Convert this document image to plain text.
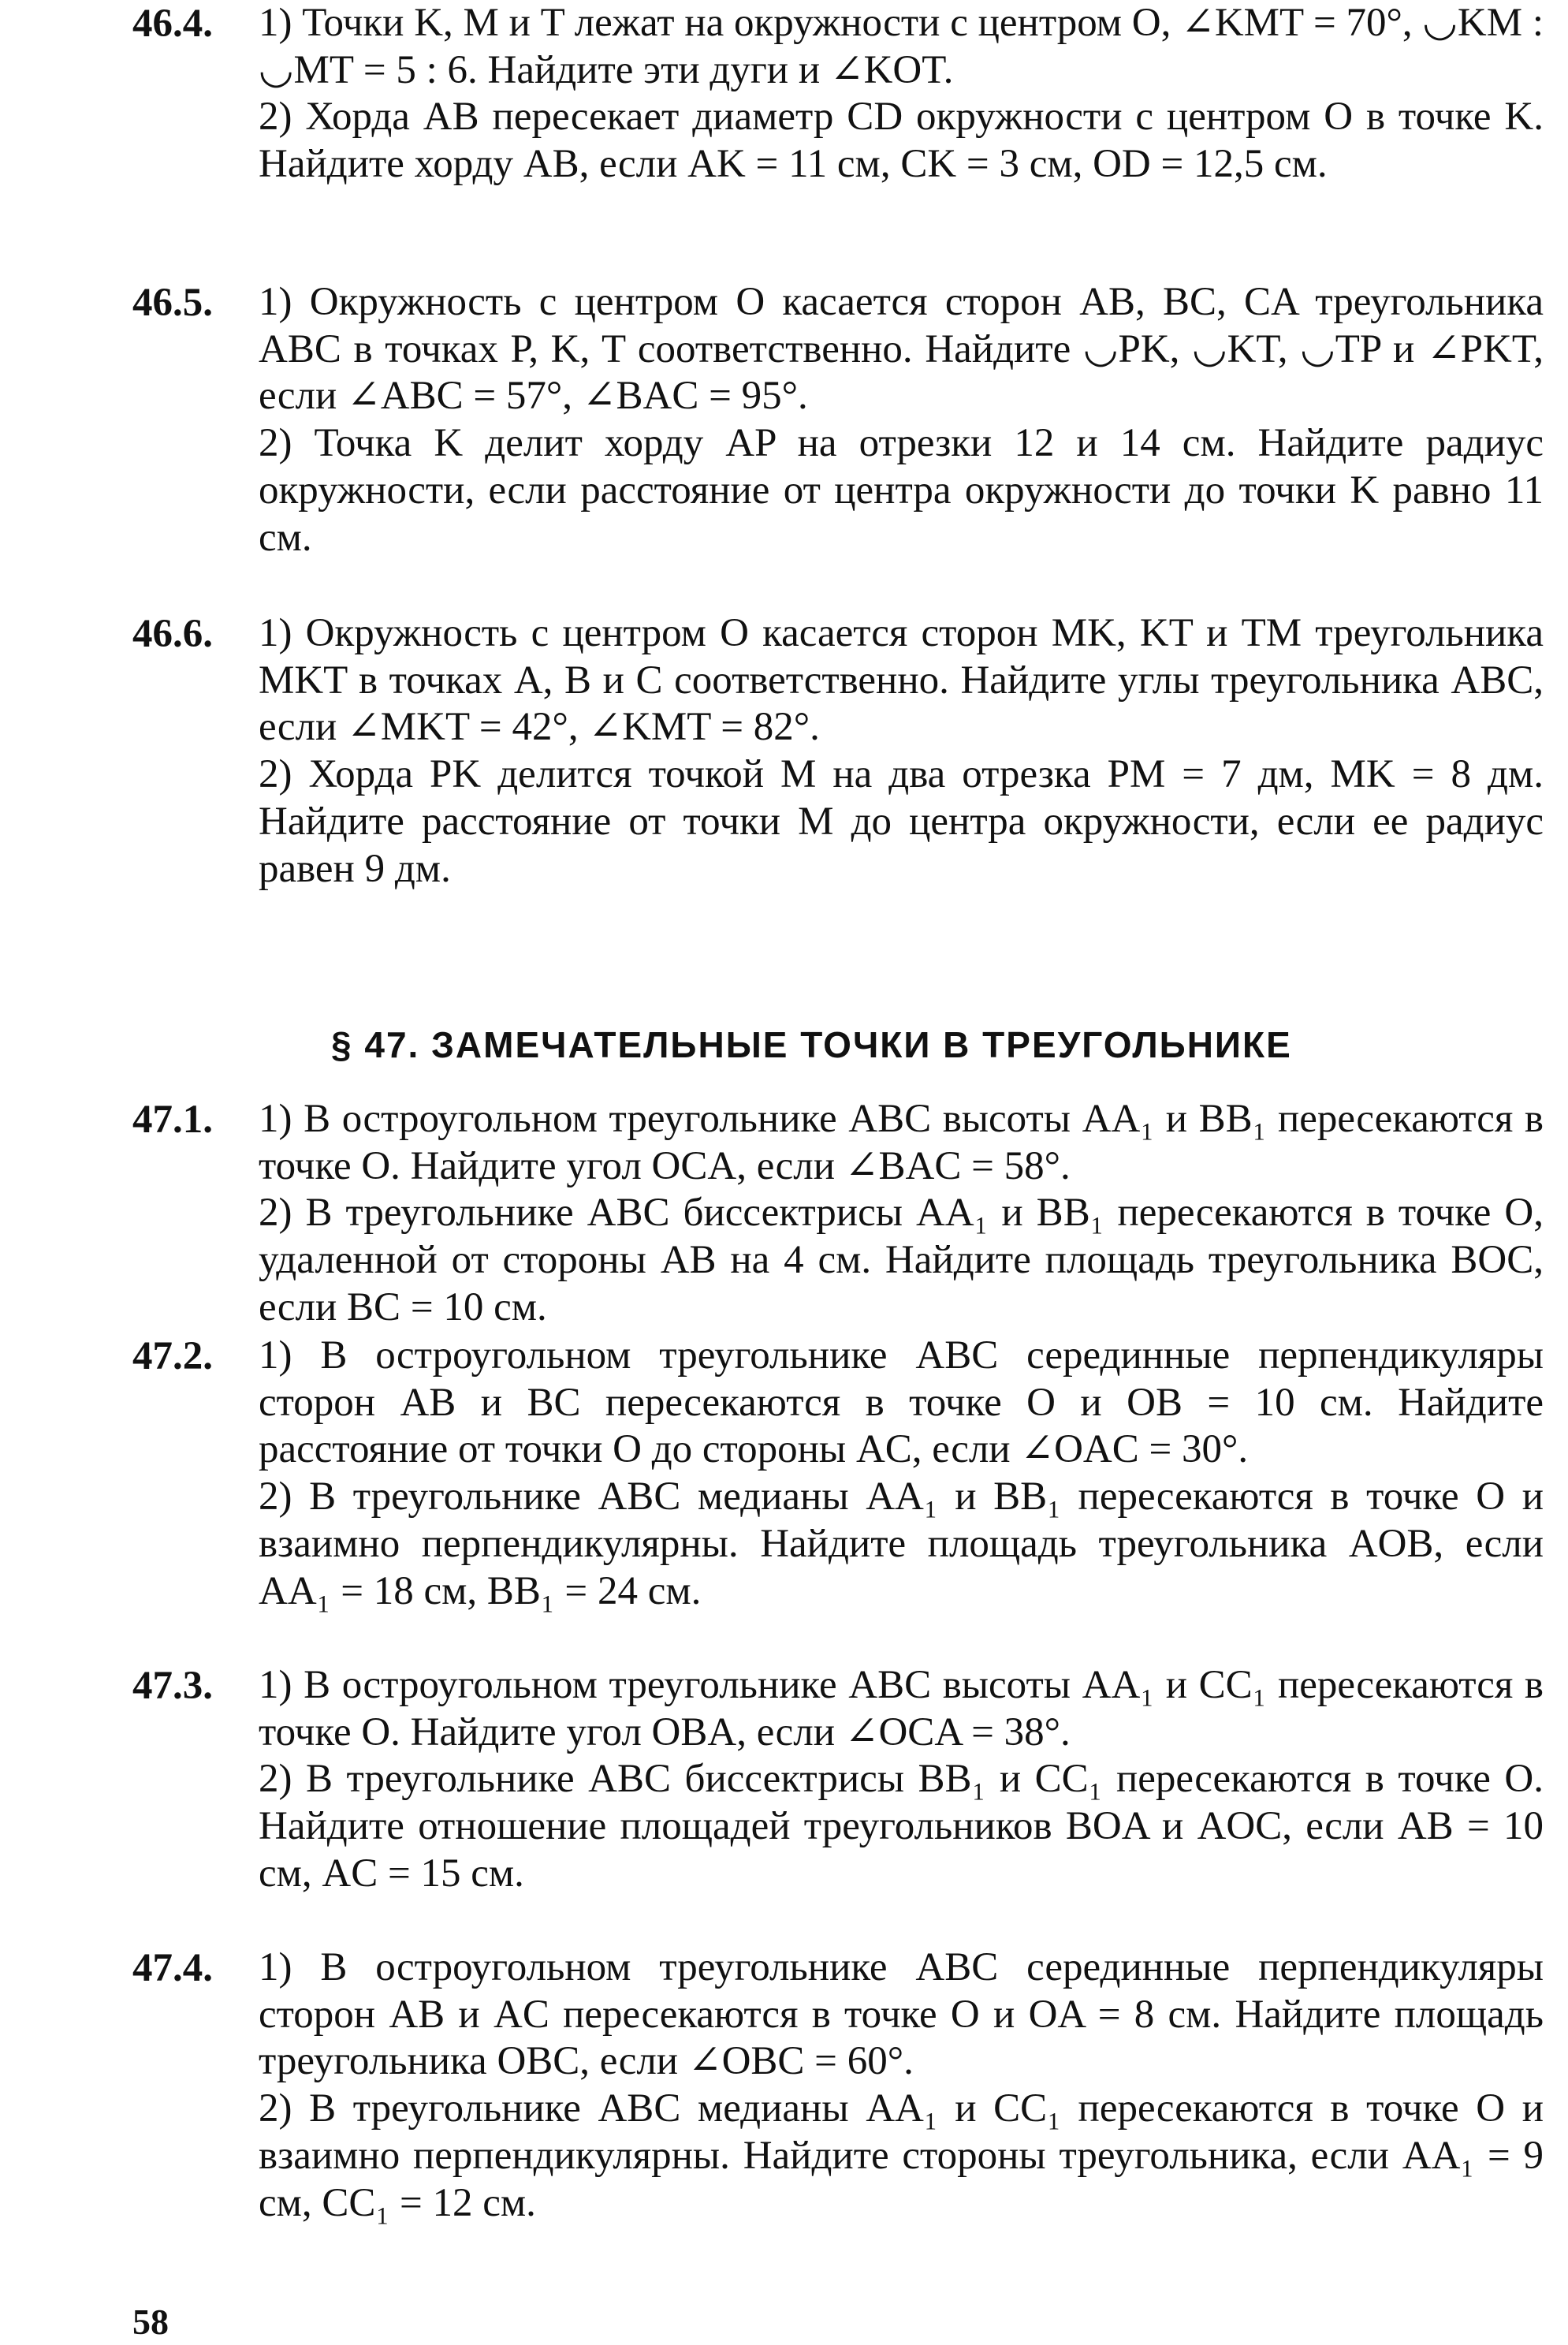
46.4.	1) Точки K, M и T лежат на окружности с центром O, ∠KMT = 70°, ◡KM : ◡MT = 5 : 6. Найдите эти дуги и ∠KOT.

2) Хорда AB пересекает диаметр CD окружности с центром O в точке K. Найдите хорду AB, если AK = 11 см, CK = 3 см, OD = 12,5 см.

46.5.	1) Окружность с центром O касается сторон AB, BC, CA треугольника ABC в точках P, K, T соответственно. Найдите ◡PK, ◡KT, ◡TP и ∠PKT, если ∠ABC = 57°, ∠BAC = 95°.

2) Точка K делит хорду AP на отрезки 12 и 14 см. Найдите радиус окружности, если расстояние от центра окружности до точки K равно 11 см.

46.6.	1) Окружность с центром O касается сторон MK, KT и TM треугольника MKT в точках A, B и C соответственно. Найдите углы треугольника ABC, если ∠MKT = 42°, ∠KMT = 82°.

2) Хорда PK делится точкой M на два отрезка PM = 7 дм, MK = 8 дм. Найдите расстояние от точки M до центра окружности, если ее радиус равен 9 дм.

§ 47. ЗАМЕЧАТЕЛЬНЫЕ ТОЧКИ В ТРЕУГОЛЬНИКЕ
47.1.	1) В остроугольном треугольнике ABC высоты AA₁ и BB₁ пересекаются в точке O. Найдите угол OCA, если ∠BAC = 58°.

2) В треугольнике ABC биссектрисы AA₁ и BB₁ пересекаются в точке O, удаленной от стороны AB на 4 см. Найдите площадь треугольника BOC, если BC = 10 см.

47.2.	1) В остроугольном треугольнике ABC серединные перпендикуляры сторон AB и BC пересекаются в точке O и OB = 10 см. Найдите расстояние от точки O до стороны AC, если ∠OAC = 30°.

2) В треугольнике ABC медианы AA₁ и BB₁ пересекаются в точке O и взаимно перпендикулярны. Найдите площадь треугольника AOB, если AA₁ = 18 см, BB₁ = 24 см.

47.3.	1) В остроугольном треугольнике ABC высоты AA₁ и CC₁ пересекаются в точке O. Найдите угол OBA, если ∠OCA = 38°.

2) В треугольнике ABC биссектрисы BB₁ и CC₁ пересекаются в точке O. Найдите отношение площадей треугольников BOA и AOC, если AB = 10 см, AC = 15 см.

47.4.	1) В остроугольном треугольнике ABC серединные перпендикуляры сторон AB и AC пересекаются в точке O и OA = 8 см. Найдите площадь треугольника OBC, если ∠OBC = 60°.

2) В треугольнике ABC медианы AA₁ и CC₁ пересекаются в точке O и взаимно перпендикулярны. Найдите стороны треугольника, если AA₁ = 9 см, CC₁ = 12 см.

58
